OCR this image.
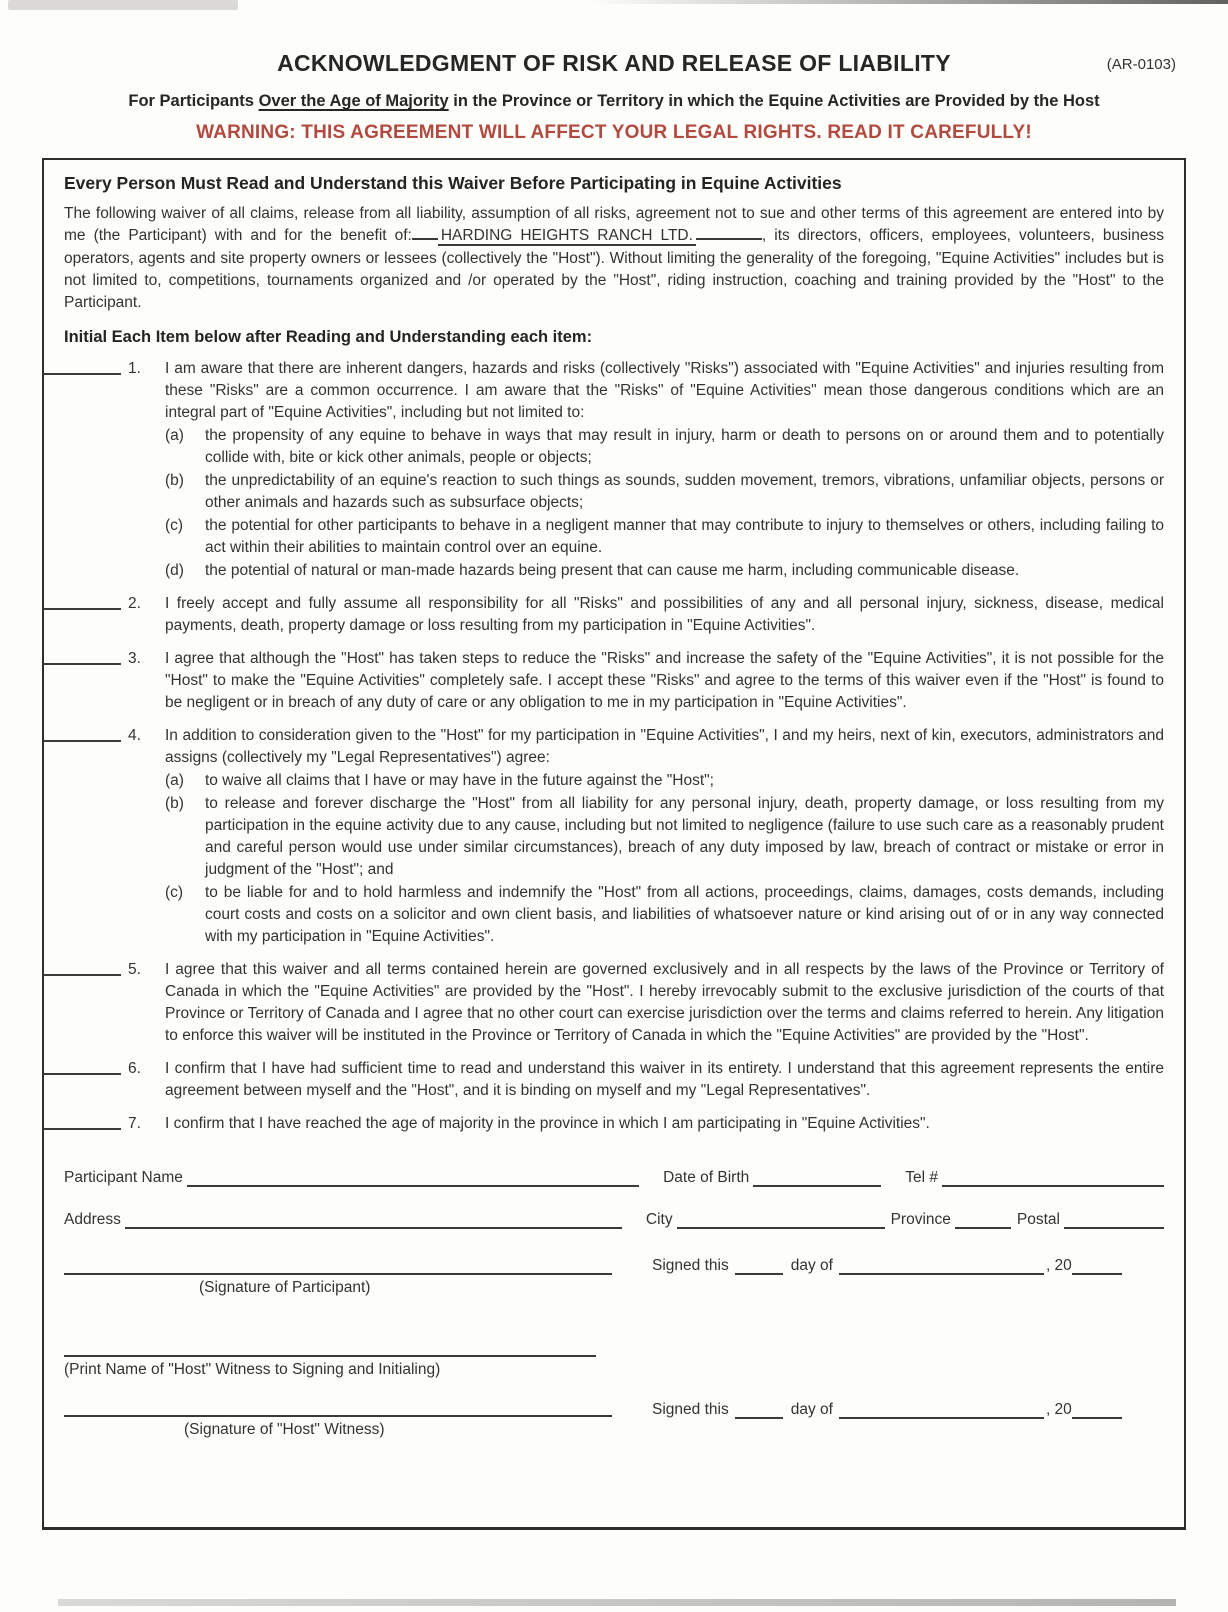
ACKNOWLEDGMENT OF RISK AND RELEASE OF LIABILITY	(AR-0103)
For Participants Over the Age of Majority in the Province or Territory in which the Equine Activities are Provided by the Host
WARNING: THIS AGREEMENT WILL AFFECT YOUR LEGAL RIGHTS. READ IT CAREFULLY!
Every Person Must Read and Understand this Waiver Before Participating in Equine Activities
The following waiver of all claims, release from all liability, assumption of all risks, agreement not to sue and other terms of this agreement are entered into by me (the Participant) with and for the benefit of: HARDING HEIGHTS RANCH LTD.	, its directors, officers, employees, volunteers, business operators, agents and site property owners or lessees (collectively the "Host"). Without limiting the generality of the foregoing, "Equine Activities" includes but is not limited to, competitions, tournaments organized and /or operated by the "Host", riding instruction, coaching and training provided by the "Host" to the Participant.
Initial Each Item below after Reading and Understanding each item:
1.	I am aware that there are inherent dangers, hazards and risks (collectively "Risks") associated with "Equine Activities" and injuries resulting from these "Risks" are a common occurrence. I am aware that the "Risks" of "Equine Activities" mean those dangerous conditions which are an integral part of "Equine Activities", including but not limited to:
(a)	the propensity of any equine to behave in ways that may result in injury, harm or death to persons on or around them and to potentially collide with, bite or kick other animals, people or objects;
(b)	the unpredictability of an equine's reaction to such things as sounds, sudden movement, tremors, vibrations, unfamiliar objects, persons or other animals and hazards such as subsurface objects;
(c)	the potential for other participants to behave in a negligent manner that may contribute to injury to themselves or others, including failing to act within their abilities to maintain control over an equine.
(d)	the potential of natural or man-made hazards being present that can cause me harm, including communicable disease.
2.	I freely accept and fully assume all responsibility for all "Risks" and possibilities of any and all personal injury, sickness, disease, medical payments, death, property damage or loss resulting from my participation in "Equine Activities".
3.	I agree that although the "Host" has taken steps to reduce the "Risks" and increase the safety of the "Equine Activities", it is not possible for the "Host" to make the "Equine Activities" completely safe. I accept these "Risks" and agree to the terms of this waiver even if the "Host" is found to be negligent or in breach of any duty of care or any obligation to me in my participation in "Equine Activities".
4.	In addition to consideration given to the "Host" for my participation in "Equine Activities", I and my heirs, next of kin, executors, administrators and assigns (collectively my "Legal Representatives") agree:
(a)	to waive all claims that I have or may have in the future against the "Host";
(b)	to release and forever discharge the "Host" from all liability for any personal injury, death, property damage, or loss resulting from my participation in the equine activity due to any cause, including but not limited to negligence (failure to use such care as a reasonably prudent and careful person would use under similar circumstances), breach of any duty imposed by law, breach of contract or mistake or error in judgment of the "Host"; and
(c)	to be liable for and to hold harmless and indemnify the "Host" from all actions, proceedings, claims, damages, costs demands, including court costs and costs on a solicitor and own client basis, and liabilities of whatsoever nature or kind arising out of or in any way connected with my participation in "Equine Activities".
5.	I agree that this waiver and all terms contained herein are governed exclusively and in all respects by the laws of the Province or Territory of Canada in which the "Equine Activities" are provided by the "Host". I hereby irrevocably submit to the exclusive jurisdiction of the courts of that Province or Territory of Canada and I agree that no other court can exercise jurisdiction over the terms and claims referred to herein. Any litigation to enforce this waiver will be instituted in the Province or Territory of Canada in which the "Equine Activities" are provided by the "Host".
6.	I confirm that I have had sufficient time to read and understand this waiver in its entirety. I understand that this agreement represents the entire agreement between myself and the "Host", and it is binding on myself and my "Legal Representatives".
7.	I confirm that I have reached the age of majority in the province in which I am participating in "Equine Activities".
Participant Name	Date of Birth	Tel #
Address	City	Province	Postal
(Signature of Participant)
(Print Name of "Host" Witness to Signing and Initialing)
(Signature of "Host" Witness)
Signed this	day of	, 20
Signed this	day of	, 20
